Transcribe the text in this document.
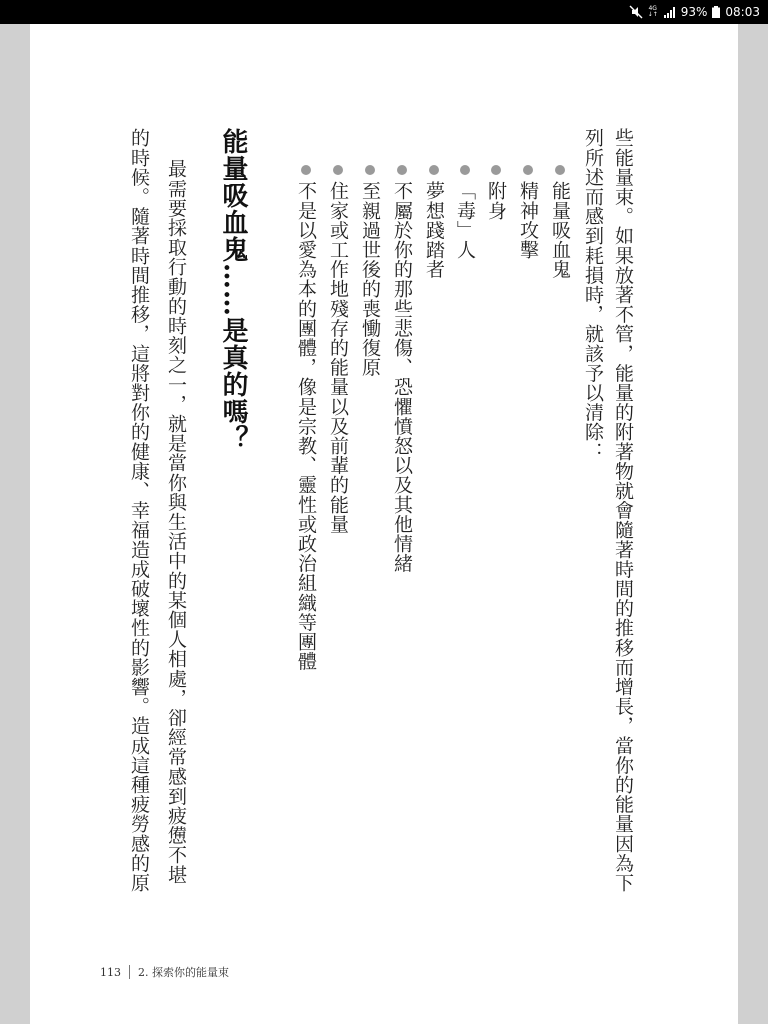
4G
↓↑ 93% 08:03
些能量束。如果放著不管，能量的附著物就會隨著時間的推移而增長，當你的能量因為下
列所述而感到耗損時，就該予以清除：
能量吸血鬼
精神攻擊
附身
「毒」人
夢想踐踏者
不屬於你的那些悲傷、恐懼憤怒以及其他情緒
至親過世後的喪慟復原
住家或工作地殘存的能量以及前輩的能量
不是以愛為本的團體，像是宗教、靈性或政治組織等團體
能量吸血鬼……是真的嗎？
最需要採取行動的時刻之一，就是當你與生活中的某個人相處，卻經常感到疲憊不堪
的時候。隨著時間推移，這將對你的健康、幸福造成破壞性的影響。造成這種疲勞感的原
113 2. 探索你的能量束
